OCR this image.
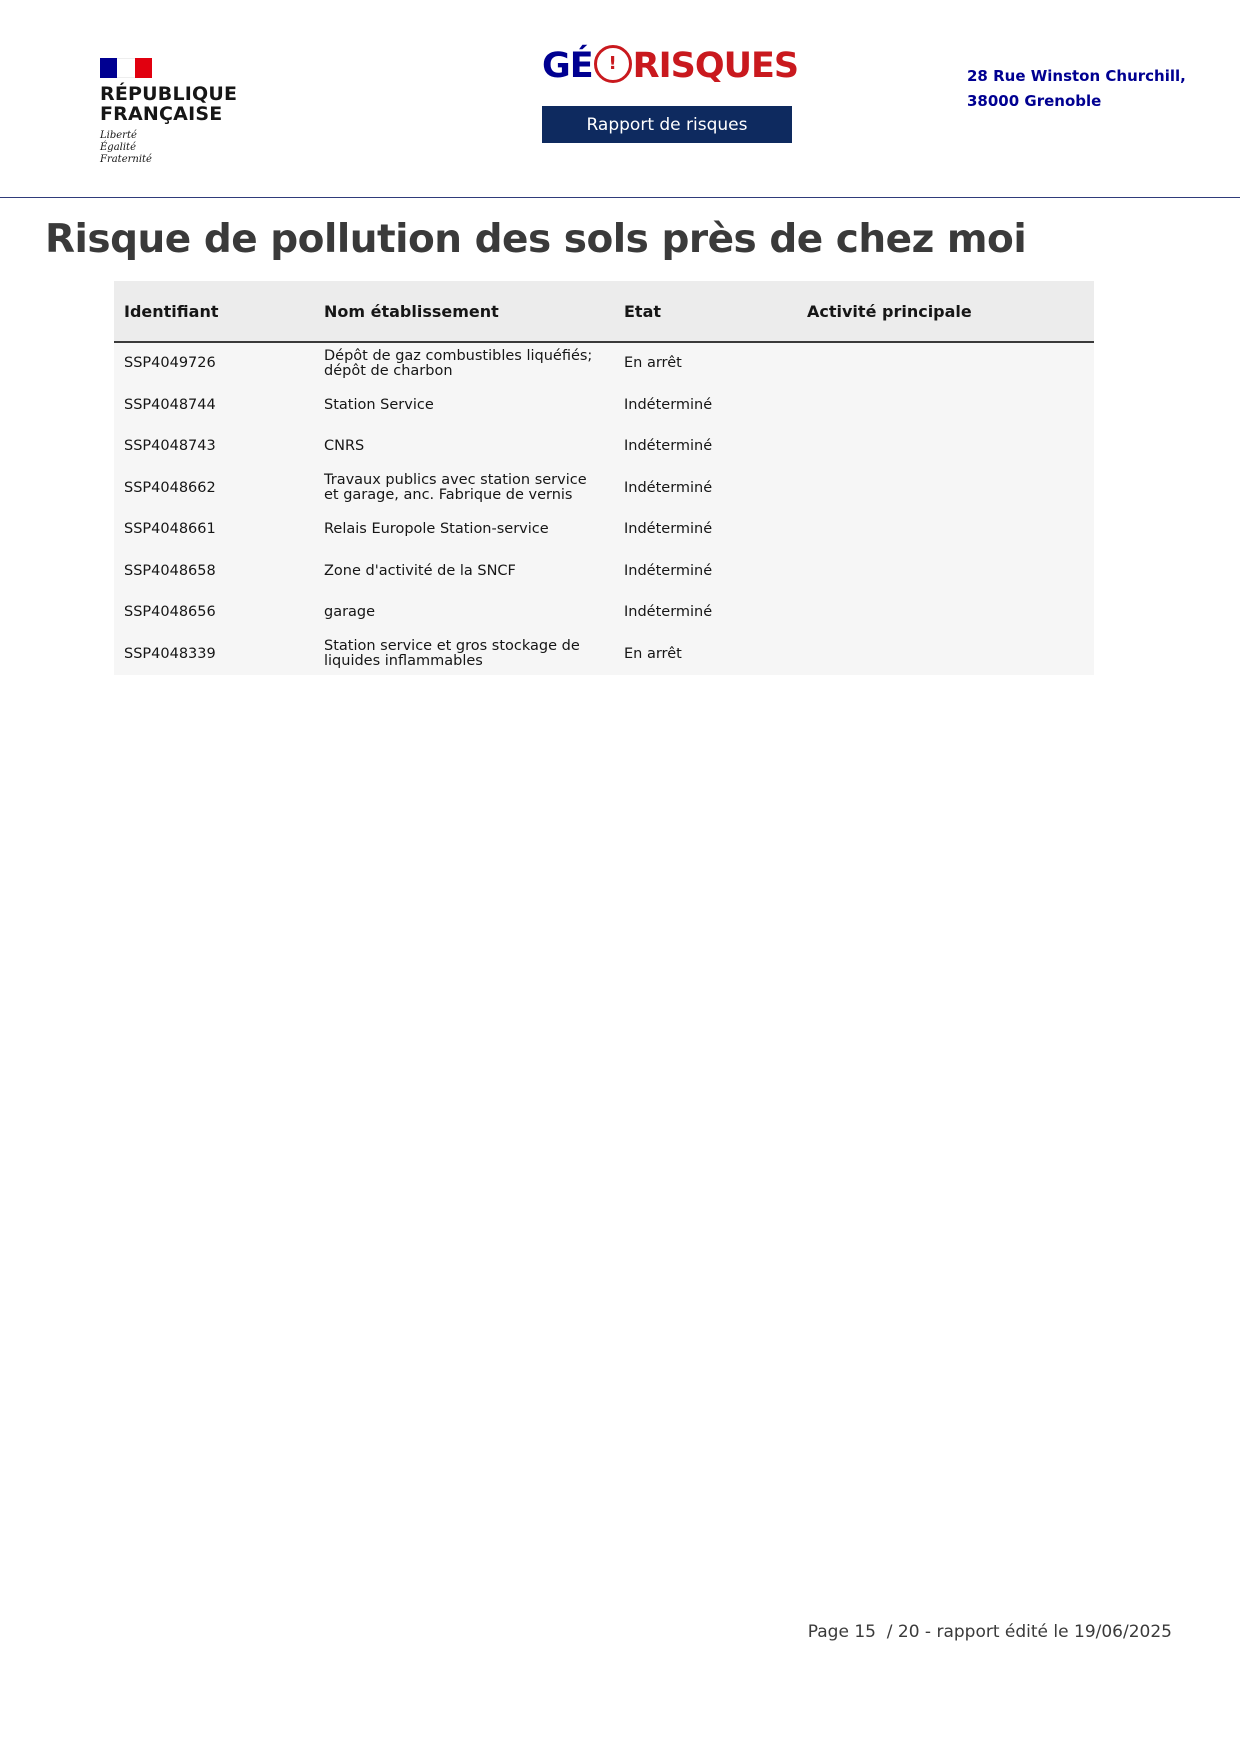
RÉPUBLIQUE
FRANÇAISE
Liberté
Égalité
Fraternité
GÉ ! RISQUES
Rapport de risques
28 Rue Winston Churchill,
38000 Grenoble
Risque de pollution des sols près de chez moi
Identifiant	Nom établissement	Etat	Activité principale
SSP4049726	Dépôt de gaz combustibles liquéfiés; dépôt de charbon	En arrêt	
SSP4048744	Station Service	Indéterminé	
SSP4048743	CNRS	Indéterminé	
SSP4048662	Travaux publics avec station service et garage, anc. Fabrique de vernis	Indéterminé	
SSP4048661	Relais Europole Station-service	Indéterminé	
SSP4048658	Zone d'activité de la SNCF	Indéterminé	
SSP4048656	garage	Indéterminé	
SSP4048339	Station service et gros stockage de liquides inflammables	En arrêt	
Page 15  / 20 - rapport édité le 19/06/2025
